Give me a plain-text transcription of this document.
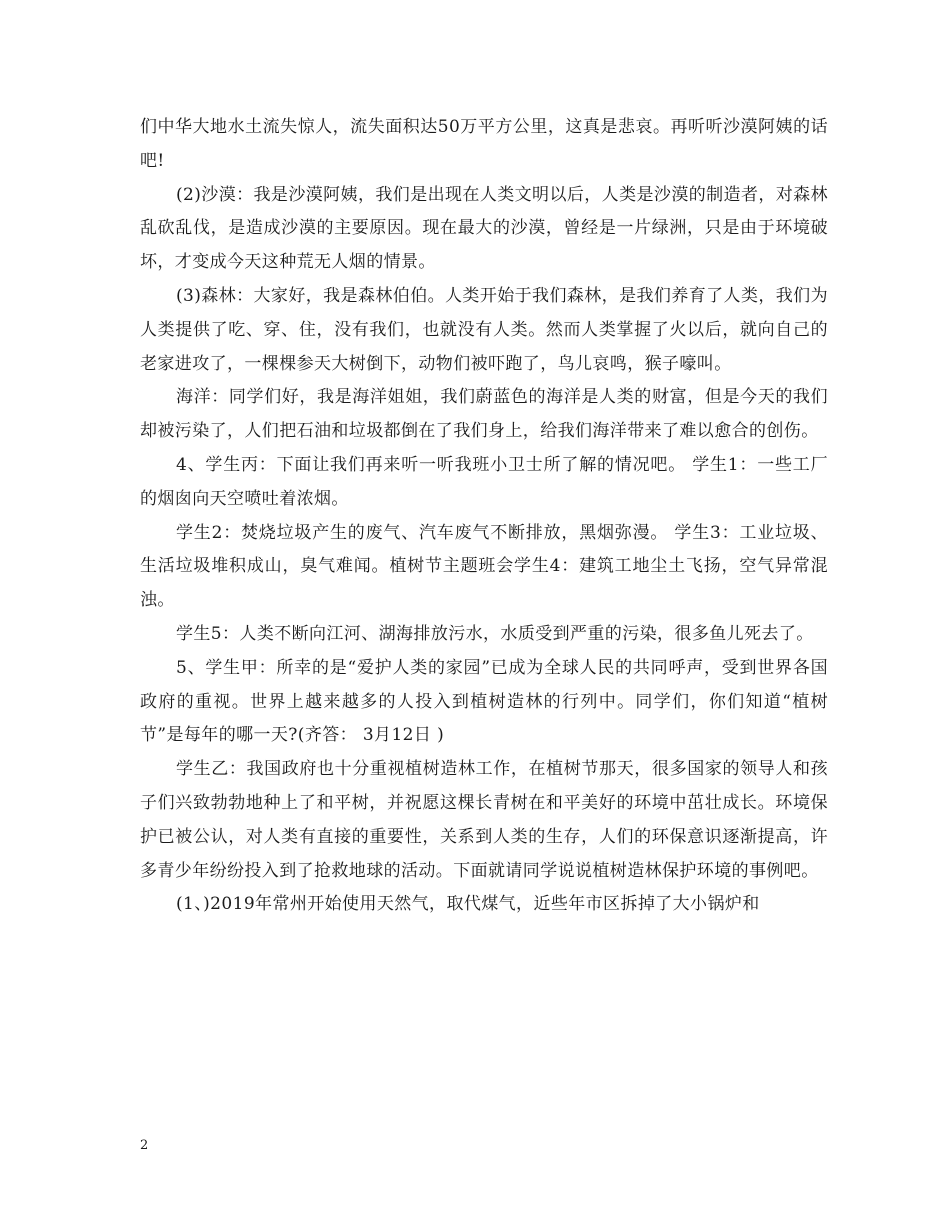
们中华大地水土流失惊人，流失面积达50万平方公里，这真是悲哀。再听听沙漠阿姨的话吧!

(2)沙漠：我是沙漠阿姨，我们是出现在人类文明以后，人类是沙漠的制造者，对森林乱砍乱伐，是造成沙漠的主要原因。现在最大的沙漠，曾经是一片绿洲，只是由于环境破坏，才变成今天这种荒无人烟的情景。

(3)森林：大家好，我是森林伯伯。人类开始于我们森林，是我们养育了人类，我们为人类提供了吃、穿、住，没有我们，也就没有人类。然而人类掌握了火以后，就向自己的老家进攻了，一棵棵参天大树倒下，动物们被吓跑了，鸟儿哀鸣，猴子嚎叫。

海洋：同学们好，我是海洋姐姐，我们蔚蓝色的海洋是人类的财富，但是今天的我们却被污染了，人们把石油和垃圾都倒在了我们身上，给我们海洋带来了难以愈合的创伤。

4、学生丙：下面让我们再来听一听我班小卫士所了解的情况吧。 学生1：一些工厂的烟囱向天空喷吐着浓烟。

学生2：焚烧垃圾产生的废气、汽车废气不断排放，黑烟弥漫。 学生3：工业垃圾、生活垃圾堆积成山，臭气难闻。植树节主题班会学生4：建筑工地尘土飞扬，空气异常混浊。

学生5：人类不断向江河、湖海排放污水，水质受到严重的污染，很多鱼儿死去了。

5、学生甲：所幸的是“爱护人类的家园”已成为全球人民的共同呼声，受到世界各国政府的重视。世界上越来越多的人投入到植树造林的行列中。同学们，你们知道“植树节”是每年的哪一天?(齐答： 3月12日 )

学生乙：我国政府也十分重视植树造林工作，在植树节那天，很多国家的领导人和孩子们兴致勃勃地种上了和平树，并祝愿这棵长青树在和平美好的环境中茁壮成长。环境保护已被公认，对人类有直接的重要性，关系到人类的生存，人们的环保意识逐渐提高，许多青少年纷纷投入到了抢救地球的活动。下面就请同学说说植树造林保护环境的事例吧。

(1、)2019年常州开始使用天然气，取代煤气，近些年市区拆掉了大小锅炉和

2
